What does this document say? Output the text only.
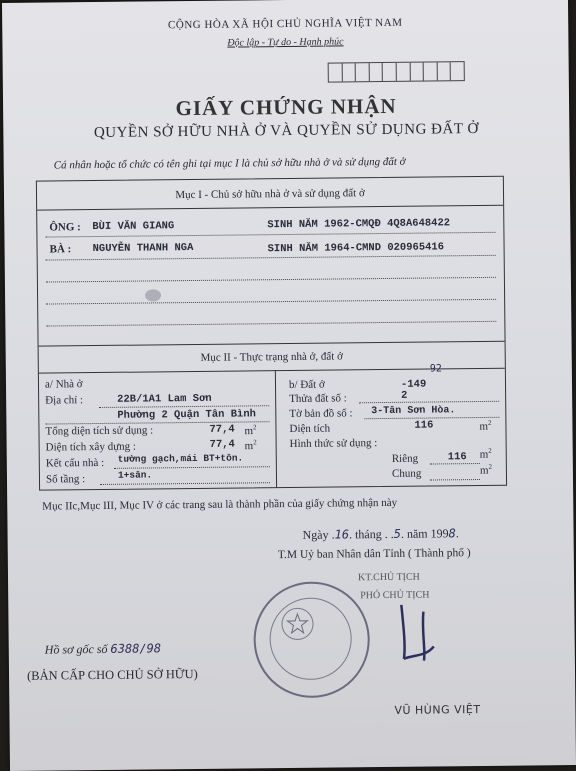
CỘNG HÒA XÃ HỘI CHỦ NGHĨA VIỆT NAM
Độc lập - Tự do - Hạnh phúc
GIẤY CHỨNG NHẬN
QUYỀN SỞ HỮU NHÀ Ở VÀ QUYỀN SỬ DỤNG ĐẤT Ở
Cá nhân hoặc tổ chức có tên ghi tại mục I là chủ sở hữu nhà ở và sử dụng đất ở
Mục I - Chủ sở hữu nhà ở và sử dụng đất ở
ÔNG : BÙI VĂN GIANG	SINH NĂM 1962-CMQĐ 4Q8A648422
BÀ : NGUYỄN THANH NGA	SINH NĂM 1964-CMND 020965416
Mục II - Thực trạng nhà ở, đất ở
a/ Nhà ở
Địa chỉ :	22B/1A1 Lam Sơn
Phường 2 Quận Tân Bình
Tổng diện tích sử dụng :	77,4 $m^2$
Diện tích xây dựng :	77,4 $m^2$
Kết cấu nhà : tường gạch,mái BT+tôn.
Số tầng :	1+sân.
b/ Đất ở
-92
-149
Thửa đất số :	2
Tờ bản đồ số : 3-Tân Sơn Hòa.
Diện tích	116	$m^2$
Hình thức sử dụng :
Riêng	116 $m^2$
Chung	$m^2$
Mục IIc,Mục III, Mục IV ở các trang sau là thành phần của giấy chứng nhận này
Ngày .16. tháng . .5. năm 1998.
T.M Uỷ ban Nhân dân Tỉnh ( Thành phố )
KT.CHỦ TỊCH
PHÓ CHỦ TỊCH
VŨ HÙNG VIỆT
Hồ sơ gốc số 6388/98
(BẢN CẤP CHO CHỦ SỞ HỮU)
